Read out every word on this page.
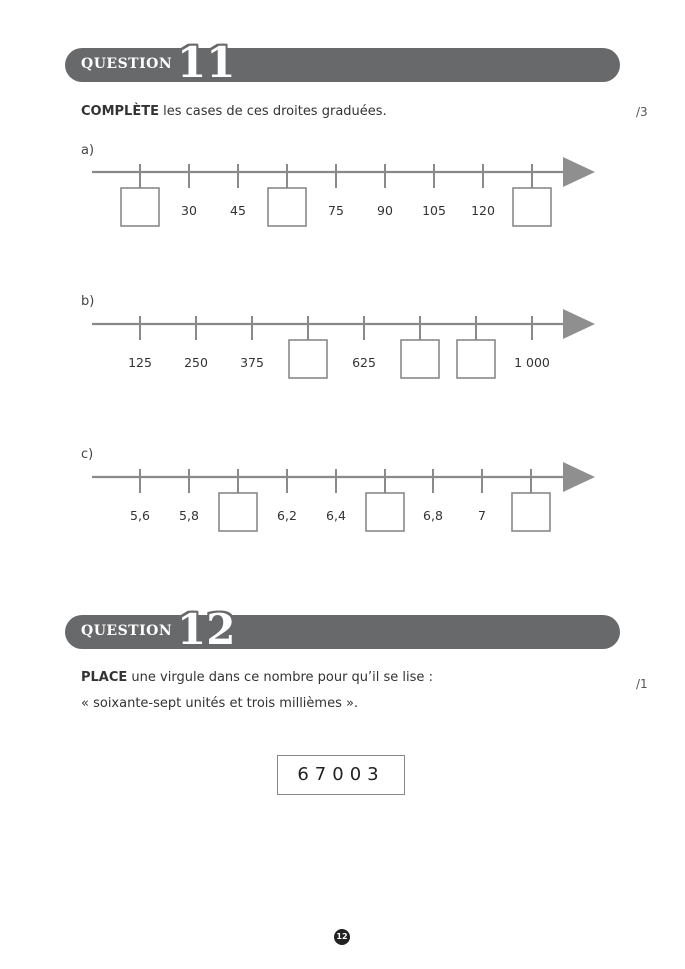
QUESTION 11
COMPLÈTE les cases de ces droites graduées.	/3
a)
30	45	75	90 105 120
b)
125	250	375	625	1 000
c)
5,6 5,8	6,2 6,4	6,8	7
QUESTION 12
PLACE une virgule dans ce nombre pour qu’il se lise :
« soixante-sept unités et trois millièmes ».
/1
67003
12
